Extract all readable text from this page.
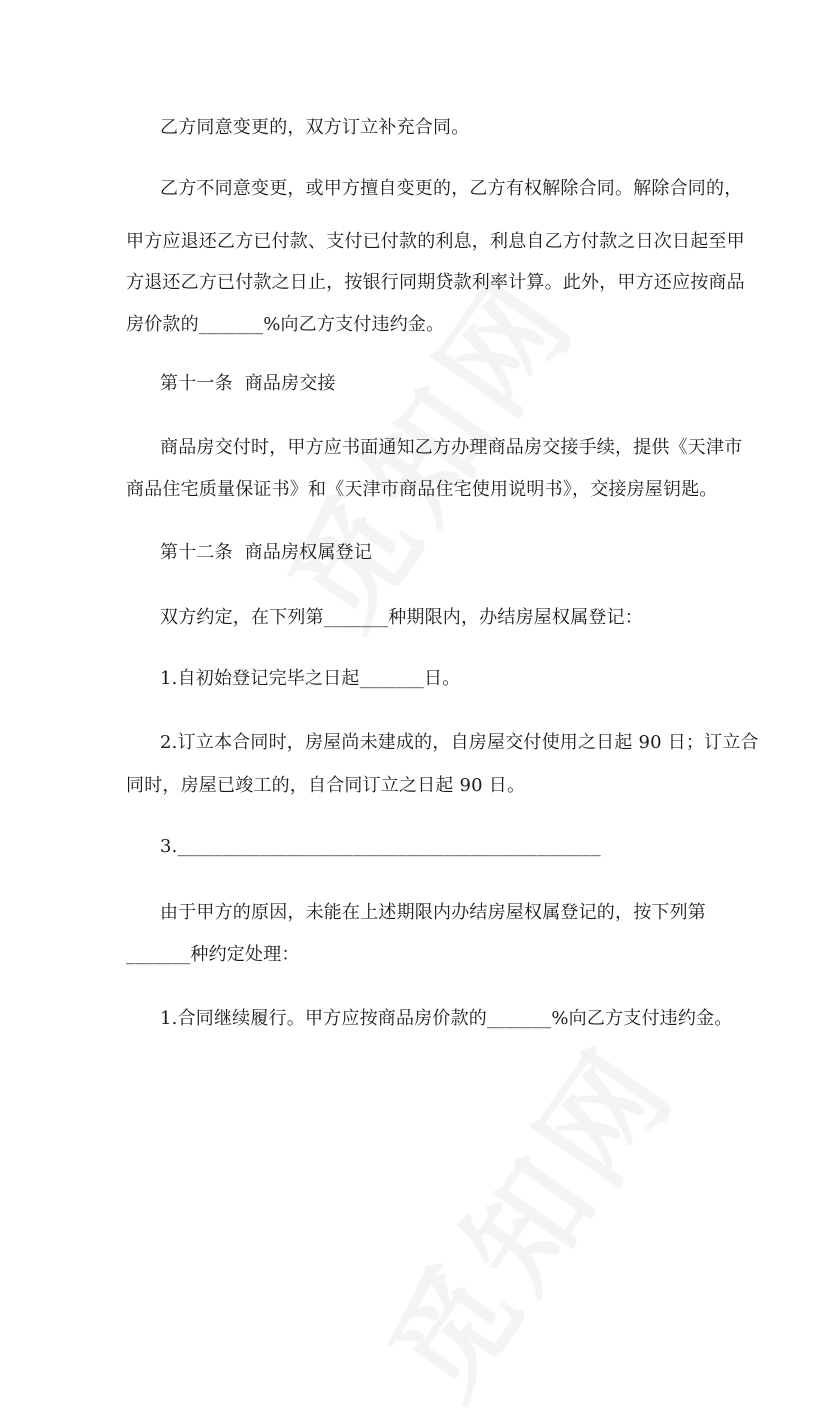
乙方同意变更的，双方订立补充合同。
乙方不同意变更，或甲方擅自变更的，乙方有权解除合同。解除合同的，
甲方应退还乙方已付款、支付已付款的利息，利息自乙方付款之日次日起至甲
方退还乙方已付款之日止，按银行同期贷款利率计算。此外，甲方还应按商品
房价款的_______%向乙方支付违约金。
第十一条  商品房交接
商品房交付时，甲方应书面通知乙方办理商品房交接手续，提供《天津市
商品住宅质量保证书》和《天津市商品住宅使用说明书》，交接房屋钥匙。
第十二条  商品房权属登记
双方约定，在下列第_______种期限内，办结房屋权属登记：
1.自初始登记完毕之日起_______日。
2.订立本合同时，房屋尚未建成的，自房屋交付使用之日起 90 日；订立合
同时，房屋已竣工的，自合同订立之日起 90 日。
3.______________________________________________
由于甲方的原因，未能在上述期限内办结房屋权属登记的，按下列第
_______种约定处理：
1.合同继续履行。甲方应按商品房价款的_______%向乙方支付违约金。
